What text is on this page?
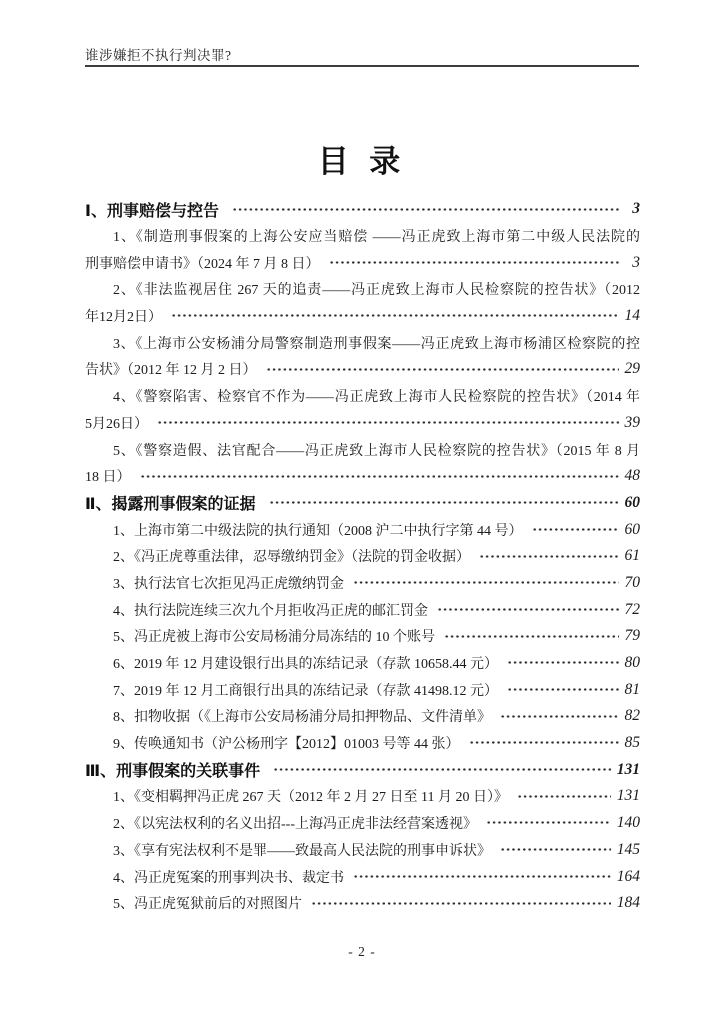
谁涉嫌拒不执行判决罪?
目 录
Ⅰ、刑事赔偿与控告	3
1、《制造刑事假案的上海公安应当赔偿 ——冯正虎致上海市第二中级人民法院的
刑事赔偿申请书》（2024 年 7 月 8 日）	3
2、《非法监视居住 267 天的追责——冯正虎致上海市人民检察院的控告状》（2012
年12月2日）	14
3、《上海市公安杨浦分局警察制造刑事假案——冯正虎致上海市杨浦区检察院的控
告状》（2012 年 12 月 2 日）	29
4、《警察陷害、检察官不作为——冯正虎致上海市人民检察院的控告状》（2014 年
5月26日）	39
5、《警察造假、法官配合——冯正虎致上海市人民检察院的控告状》（2015 年 8 月
18 日）	48
Ⅱ、揭露刑事假案的证据	60
1、上海市第二中级法院的执行通知（2008 沪二中执行字第 44 号）	60
2、《冯正虎尊重法律，忍辱缴纳罚金》（法院的罚金收据）	61
3、执行法官七次拒见冯正虎缴纳罚金	70
4、执行法院连续三次九个月拒收冯正虎的邮汇罚金	72
5、冯正虎被上海市公安局杨浦分局冻结的 10 个账号	79
6、2019 年 12 月建设银行出具的冻结记录（存款 10658.44 元）	80
7、2019 年 12 月工商银行出具的冻结记录（存款 41498.12 元）	81
8、扣物收据（《上海市公安局杨浦分局扣押物品、文件清单》	82
9、传唤通知书（沪公杨刑字【2012】01003 号等 44 张）	85
Ⅲ、刑事假案的关联事件	131
1、《变相羁押冯正虎 267 天（2012 年 2 月 27 日至 11 月 20 日）》	131
2、《以宪法权利的名义出招---上海冯正虎非法经营案透视》	140
3、《享有宪法权利不是罪——致最高人民法院的刑事申诉状》	145
4、冯正虎冤案的刑事判决书、裁定书	164
5、冯正虎冤狱前后的对照图片	184
- 2 -
